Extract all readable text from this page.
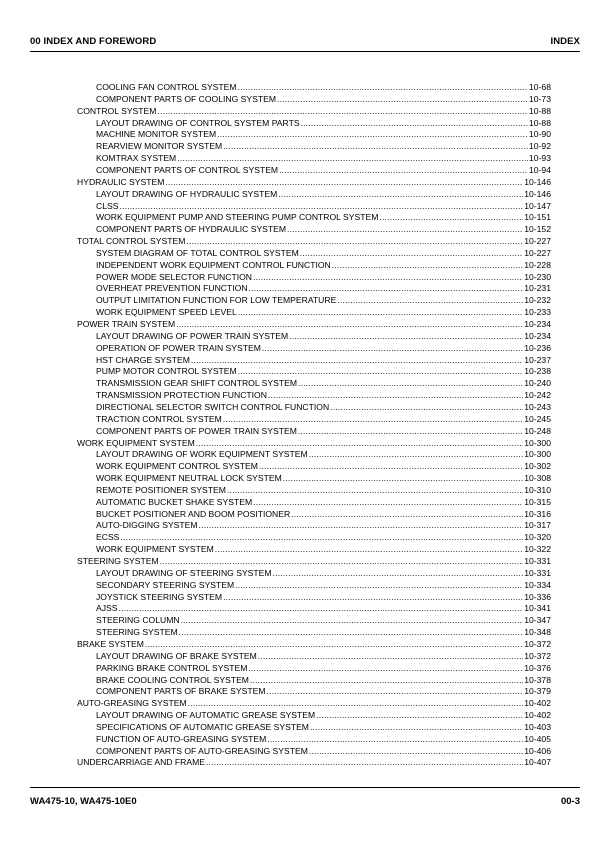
00 INDEX AND FOREWORD	INDEX
COOLING FAN CONTROL SYSTEM .....	10-68
COMPONENT PARTS OF COOLING SYSTEM .....	10-73
CONTROL SYSTEM .....	10-88
LAYOUT DRAWING OF CONTROL SYSTEM PARTS .....	10-88
MACHINE MONITOR SYSTEM .....	10-90
REARVIEW MONITOR SYSTEM .....	10-92
KOMTRAX SYSTEM .....	10-93
COMPONENT PARTS OF CONTROL SYSTEM .....	10-94
HYDRAULIC SYSTEM .....	10-146
LAYOUT DRAWING OF HYDRAULIC SYSTEM .....	10-146
CLSS .....	10-147
WORK EQUIPMENT PUMP AND STEERING PUMP CONTROL SYSTEM .....	10-151
COMPONENT PARTS OF HYDRAULIC SYSTEM .....	10-152
TOTAL CONTROL SYSTEM .....	10-227
SYSTEM DIAGRAM OF TOTAL CONTROL SYSTEM .....	10-227
INDEPENDENT WORK EQUIPMENT CONTROL FUNCTION .....	10-228
POWER MODE SELECTOR FUNCTION .....	10-230
OVERHEAT PREVENTION FUNCTION .....	10-231
OUTPUT LIMITATION FUNCTION FOR LOW TEMPERATURE .....	10-232
WORK EQUIPMENT SPEED LEVEL .....	10-233
POWER TRAIN SYSTEM .....	10-234
LAYOUT DRAWING OF POWER TRAIN SYSTEM .....	10-234
OPERATION OF POWER TRAIN SYSTEM .....	10-236
HST CHARGE SYSTEM .....	10-237
PUMP MOTOR CONTROL SYSTEM .....	10-238
TRANSMISSION GEAR SHIFT CONTROL SYSTEM .....	10-240
TRANSMISSION PROTECTION FUNCTION .....	10-242
DIRECTIONAL SELECTOR SWITCH CONTROL FUNCTION .....	10-243
TRACTION CONTROL SYSTEM .....	10-245
COMPONENT PARTS OF POWER TRAIN SYSTEM .....	10-248
WORK EQUIPMENT SYSTEM .....	10-300
LAYOUT DRAWING OF WORK EQUIPMENT SYSTEM .....	10-300
WORK EQUIPMENT CONTROL SYSTEM .....	10-302
WORK EQUIPMENT NEUTRAL LOCK SYSTEM .....	10-308
REMOTE POSITIONER SYSTEM .....	10-310
AUTOMATIC BUCKET SHAKE SYSTEM .....	10-315
BUCKET POSITIONER AND BOOM POSITIONER .....	10-316
AUTO-DIGGING SYSTEM .....	10-317
ECSS .....	10-320
WORK EQUIPMENT SYSTEM .....	10-322
STEERING SYSTEM .....	10-331
LAYOUT DRAWING OF STEERING SYSTEM .....	10-331
SECONDARY STEERING SYSTEM .....	10-334
JOYSTICK STEERING SYSTEM .....	10-336
AJSS .....	10-341
STEERING COLUMN .....	10-347
STEERING SYSTEM .....	10-348
BRAKE SYSTEM .....	10-372
LAYOUT DRAWING OF BRAKE SYSTEM .....	10-372
PARKING BRAKE CONTROL SYSTEM .....	10-376
BRAKE COOLING CONTROL SYSTEM .....	10-378
COMPONENT PARTS OF BRAKE SYSTEM .....	10-379
AUTO-GREASING SYSTEM .....	10-402
LAYOUT DRAWING OF AUTOMATIC GREASE SYSTEM .....	10-402
SPECIFICATIONS OF AUTOMATIC GREASE SYSTEM .....	10-403
FUNCTION OF AUTO-GREASING SYSTEM .....	10-405
COMPONENT PARTS OF AUTO-GREASING SYSTEM .....	10-406
UNDERCARRIAGE AND FRAME .....	10-407
WA475-10, WA475-10E0	00-3
